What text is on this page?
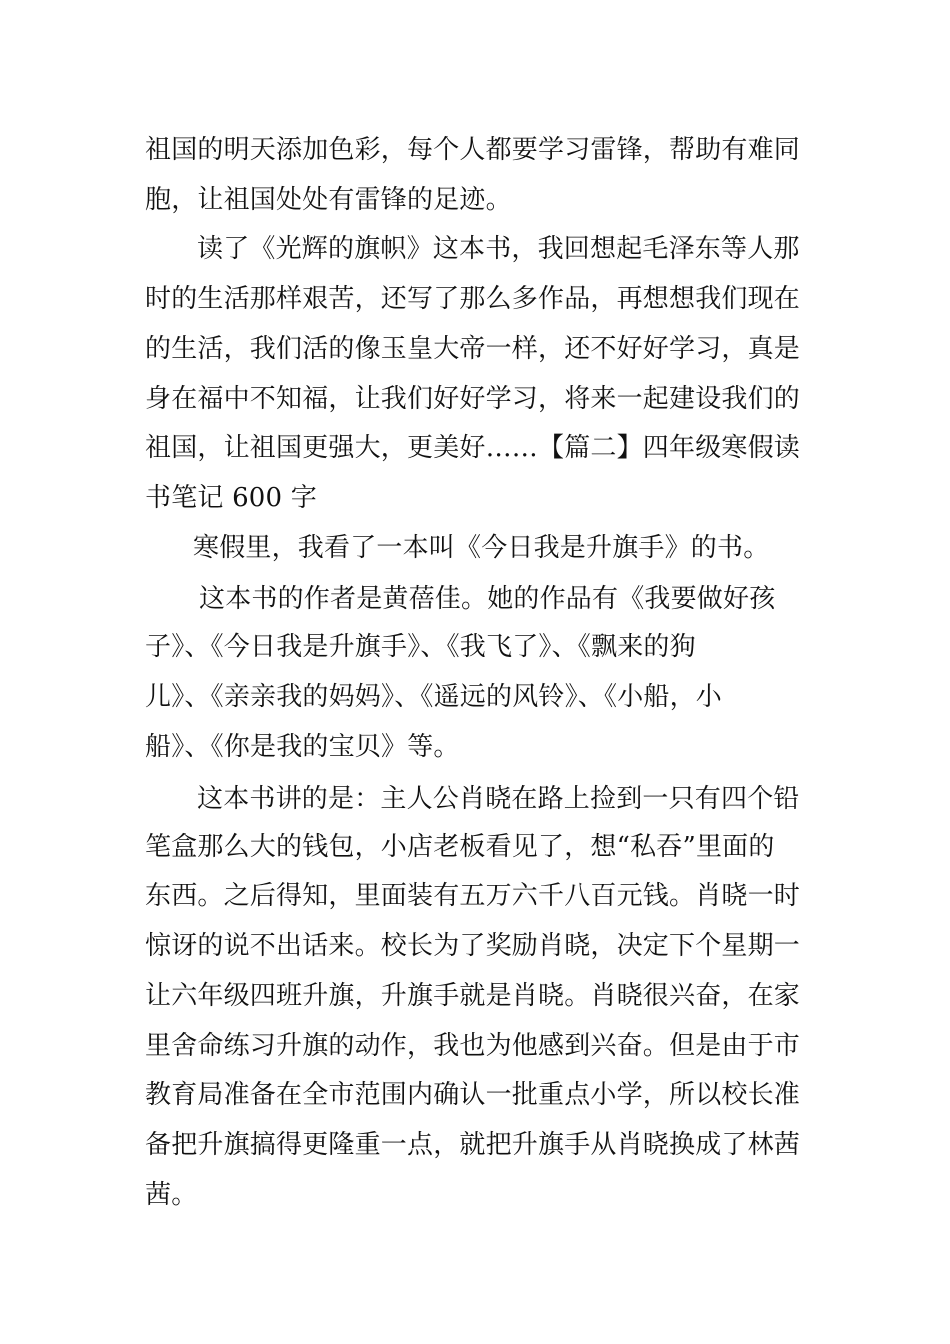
祖国的明天添加色彩，每个人都要学习雷锋，帮助有难同
胞，让祖国处处有雷锋的足迹。
读了《光辉的旗帜》这本书，我回想起毛泽东等人那
时的生活那样艰苦，还写了那么多作品，再想想我们现在
的生活，我们活的像玉皇大帝一样，还不好好学习，真是
身在福中不知福，让我们好好学习，将来一起建设我们的
祖国，让祖国更强大，更美好……【篇二】四年级寒假读
书笔记 600 字
寒假里，我看了一本叫《今日我是升旗手》的书。
这本书的作者是黄蓓佳。她的作品有《我要做好孩
子》、《今日我是升旗手》、《我飞了》、《飘来的狗
儿》、《亲亲我的妈妈》、《遥远的风铃》、《小船，小
船》、《你是我的宝贝》等。
这本书讲的是：主人公肖晓在路上捡到一只有四个铅
笔盒那么大的钱包，小店老板看见了，想“私吞”里面的
东西。之后得知，里面装有五万六千八百元钱。肖晓一时
惊讶的说不出话来。校长为了奖励肖晓，决定下个星期一
让六年级四班升旗，升旗手就是肖晓。肖晓很兴奋，在家
里舍命练习升旗的动作，我也为他感到兴奋。但是由于市
教育局准备在全市范围内确认一批重点小学，所以校长准
备把升旗搞得更隆重一点，就把升旗手从肖晓换成了林茜
茜。
